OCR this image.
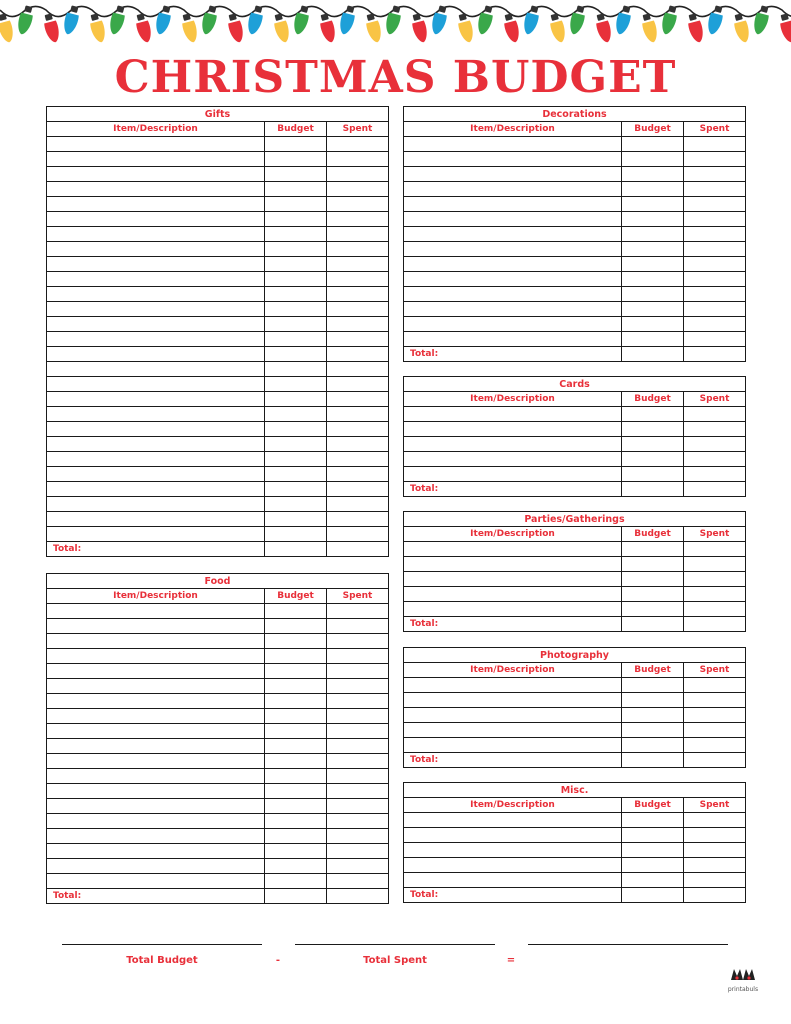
CHRISTMAS BUDGET
Gifts		
Item/Description	Budget	Spent

Total:		
Food		
Item/Description	Budget	Spent

Total:		
Decorations		
Item/Description	Budget	Spent

Total:		
Cards		
Item/Description	Budget	Spent

Total:		
Parties/Gatherings		
Item/Description	Budget	Spent

Total:		
Photography		
Item/Description	Budget	Spent

Total:		
Misc.		
Item/Description	Budget	Spent

Total:		
Total Budget	-	Total Spent	=
printabuls
